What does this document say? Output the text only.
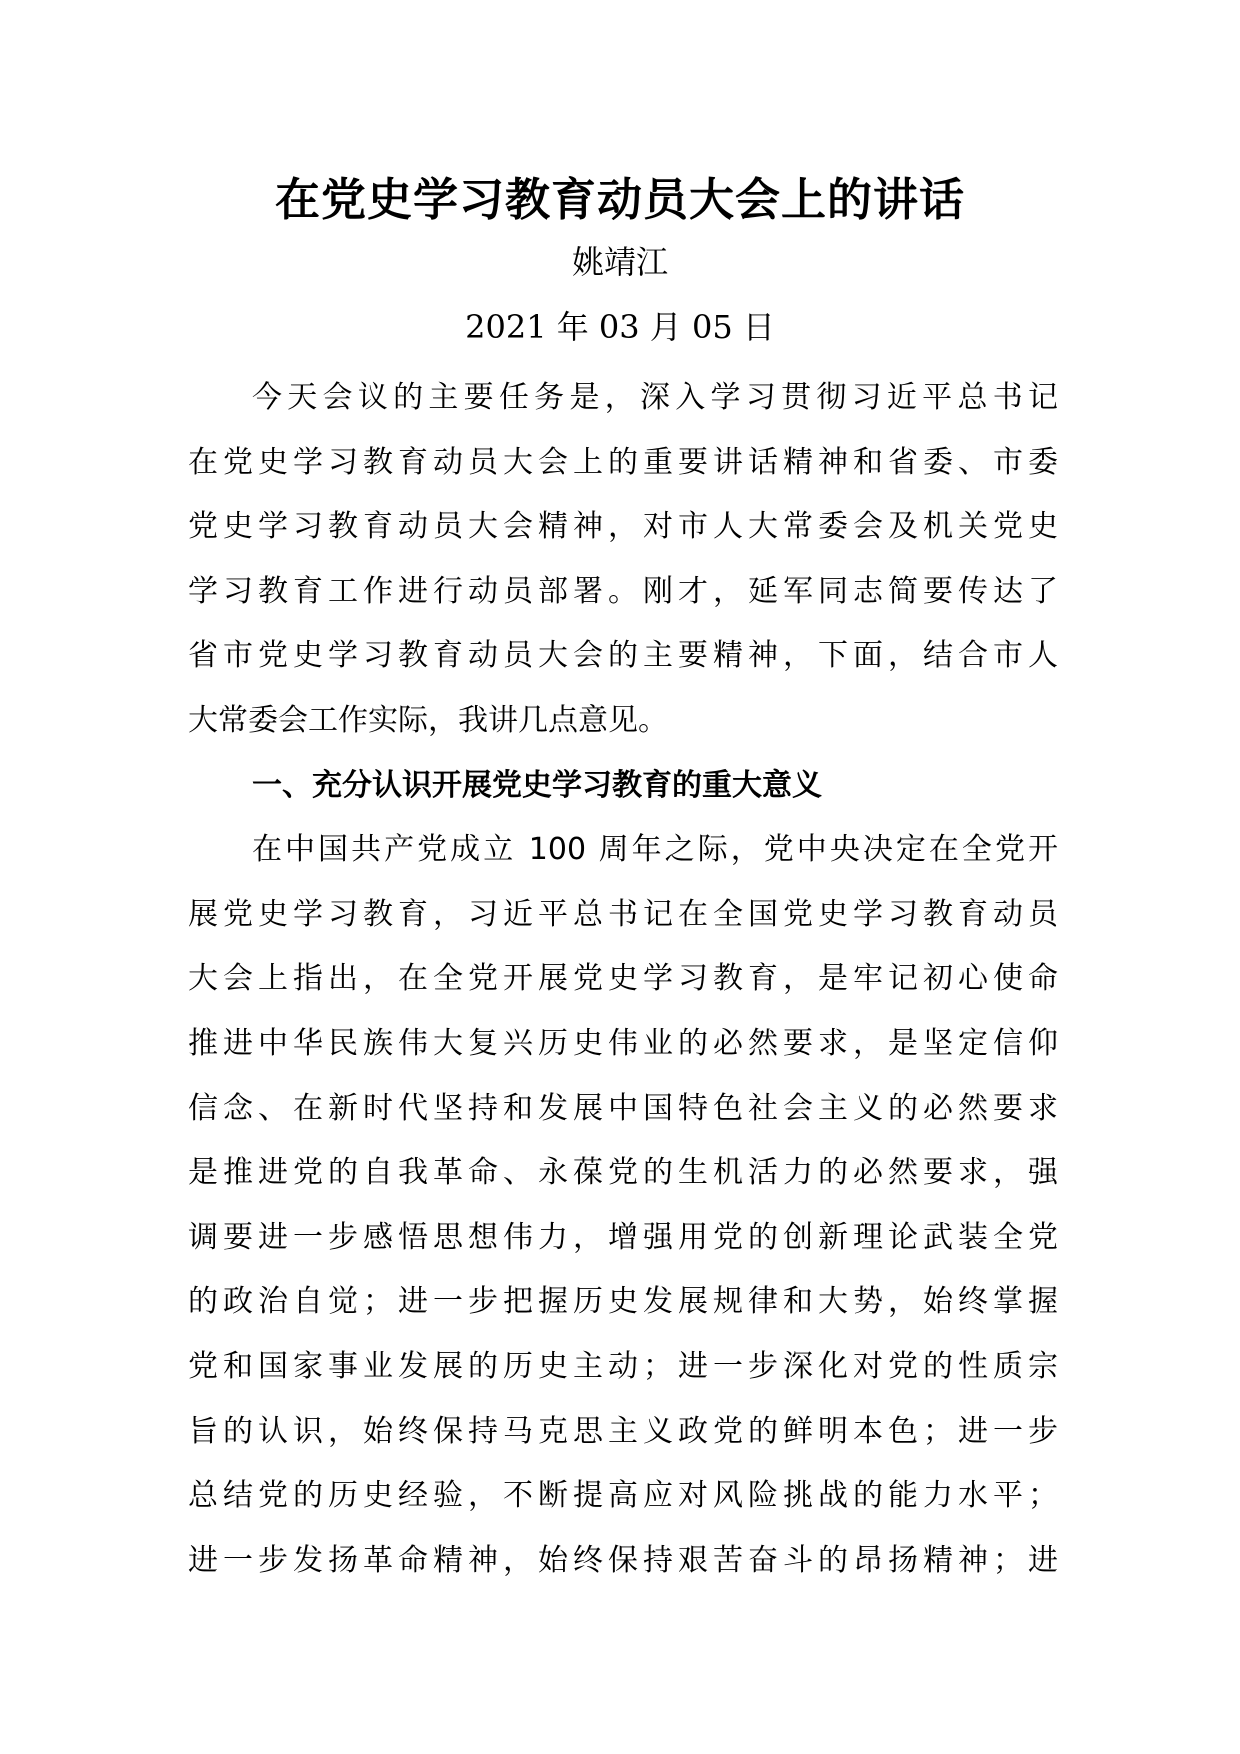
在党史学习教育动员大会上的讲话

姚靖江

2021 年 03 月 05 日

今天会议的主要任务是，深入学习贯彻习近平总书记
在党史学习教育动员大会上的重要讲话精神和省委、市委
党史学习教育动员大会精神，对市人大常委会及机关党史
学习教育工作进行动员部署。刚才，延军同志简要传达了
省市党史学习教育动员大会的主要精神，下面，结合市人
大常委会工作实际，我讲几点意见。
一、充分认识开展党史学习教育的重大意义
在中国共产党成立 100 周年之际，党中央决定在全党开
展党史学习教育，习近平总书记在全国党史学习教育动员
大会上指出，在全党开展党史学习教育，是牢记初心使命
推进中华民族伟大复兴历史伟业的必然要求，是坚定信仰
信念、在新时代坚持和发展中国特色社会主义的必然要求
是推进党的自我革命、永葆党的生机活力的必然要求，强
调要进一步感悟思想伟力，增强用党的创新理论武装全党
的政治自觉；进一步把握历史发展规律和大势，始终掌握
党和国家事业发展的历史主动；进一步深化对党的性质宗
旨的认识，始终保持马克思主义政党的鲜明本色；进一步
总结党的历史经验，不断提高应对风险挑战的能力水平；
进一步发扬革命精神，始终保持艰苦奋斗的昂扬精神；进
